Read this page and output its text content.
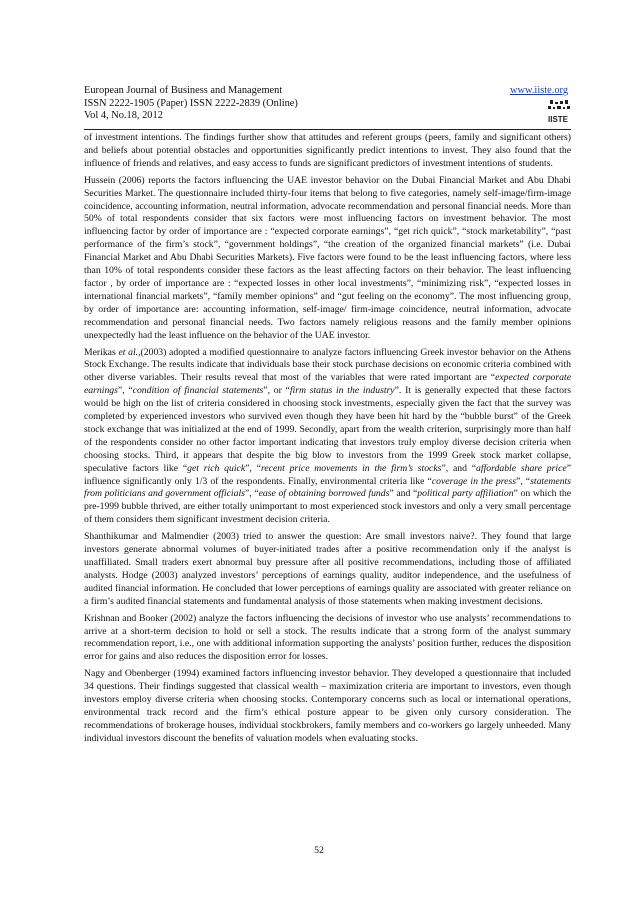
European Journal of Business and Management
ISSN 2222-1905 (Paper) ISSN 2222-2839 (Online)
Vol 4, No.18, 2012
www.iiste.org
IISTE

of investment intentions. The findings further show that attitudes and referent groups (peers, family and significant others) and beliefs about potential obstacles and opportunities significantly predict intentions to invest. They also found that the influence of friends and relatives, and easy access to funds are significant predictors of investment intentions of students.

Hussein (2006) reports the factors influencing the UAE investor behavior on the Dubai Financial Market and Abu Dhabi Securities Market. The questionnaire included thirty-four items that belong to five categories, namely self-image/firm-image coincidence, accounting information, neutral information, advocate recommendation and personal financial needs. More than 50% of total respondents consider that six factors were most influencing factors on investment behavior. The most influencing factor by order of importance are : “expected corporate earnings”, “get rich quick”, “stock marketability”, “past performance of the firm’s stock”, “government holdings”, “the creation of the organized financial markets” (i.e. Dubai Financial Market and Abu Dhabi Securities Markets). Five factors were found to be the least influencing factors, where less than 10% of total respondents consider these factors as the least affecting factors on their behavior. The least influencing factor , by order of importance are : “expected losses in other local investments”, “minimizing risk”, “expected losses in international financial markets”, “family member opinions” and “gut feeling on the economy”. The most influencing group, by order of importance are: accounting information, self-image/ firm-image coincidence, neutral information, advocate recommendation and personal financial needs. Two factors namely religious reasons and the family member opinions unexpectedly had the least influence on the behavior of the UAE investor.

Merikas et al.,(2003) adopted a modified questionnaire to analyze factors influencing Greek investor behavior on the Athens Stock Exchange. The results indicate that individuals base their stock purchase decisions on economic criteria combined with other diverse variables. Their results reveal that most of the variables that were rated important are “expected corporate earnings”, “condition of financial statements”, or “firm status in the industry”. It is generally expected that these factors would be high on the list of criteria considered in choosing stock investments, especially given the fact that the survey was completed by experienced investors who survived even though they have been hit hard by the “bubble burst” of the Greek stock exchange that was initialized at the end of 1999. Secondly, apart from the wealth criterion, surprisingly more than half of the respondents consider no other factor important indicating that investors truly employ diverse decision criteria when choosing stocks. Third, it appears that despite the big blow to investors from the 1999 Greek stock market collapse, speculative factors like “get rich quick”, “recent price movements in the firm’s stocks”, and “affordable share price” influence significantly only 1/3 of the respondents. Finally, environmental criteria like “coverage in the press”, “statements from politicians and government officials”, “ease of obtaining borrowed funds” and “political party affiliation” on which the pre-1999 bubble thrived, are either totally unimportant to most experienced stock investors and only a very small percentage of them considers them significant investment decision criteria.

Shanthikumar and Malmendier (2003) tried to answer the question: Are small investors naive?. They found that large investors generate abnormal volumes of buyer-initiated trades after a positive recommendation only if the analyst is unaffiliated. Small traders exert abnormal buy pressure after all positive recommendations, including those of affiliated analysts. Hodge (2003) analyzed investors’ perceptions of earnings quality, auditor independence, and the usefulness of audited financial information. He concluded that lower perceptions of earnings quality are associated with greater reliance on a firm’s audited financial statements and fundamental analysis of those statements when making investment decisions.

Krishnan and Booker (2002) analyze the factors influencing the decisions of investor who use analysts’ recommendations to arrive at a short-term decision to hold or sell a stock. The results indicate that a strong form of the analyst summary recommendation report, i.e., one with additional information supporting the analysts’ position further, reduces the disposition error for gains and also reduces the disposition error for losses.

Nagy and Obenberger (1994) examined factors influencing investor behavior. They developed a questionnaire that included 34 questions. Their findings suggested that classical wealth – maximization criteria are important to investors, even though investors employ diverse criteria when choosing stocks. Contemporary concerns such as local or international operations, environmental track record and the firm’s ethical posture appear to be given only cursory consideration. The recommendations of brokerage houses, individual stockbrokers, family members and co-workers go largely unheeded. Many individual investors discount the benefits of valuation models when evaluating stocks.

52
